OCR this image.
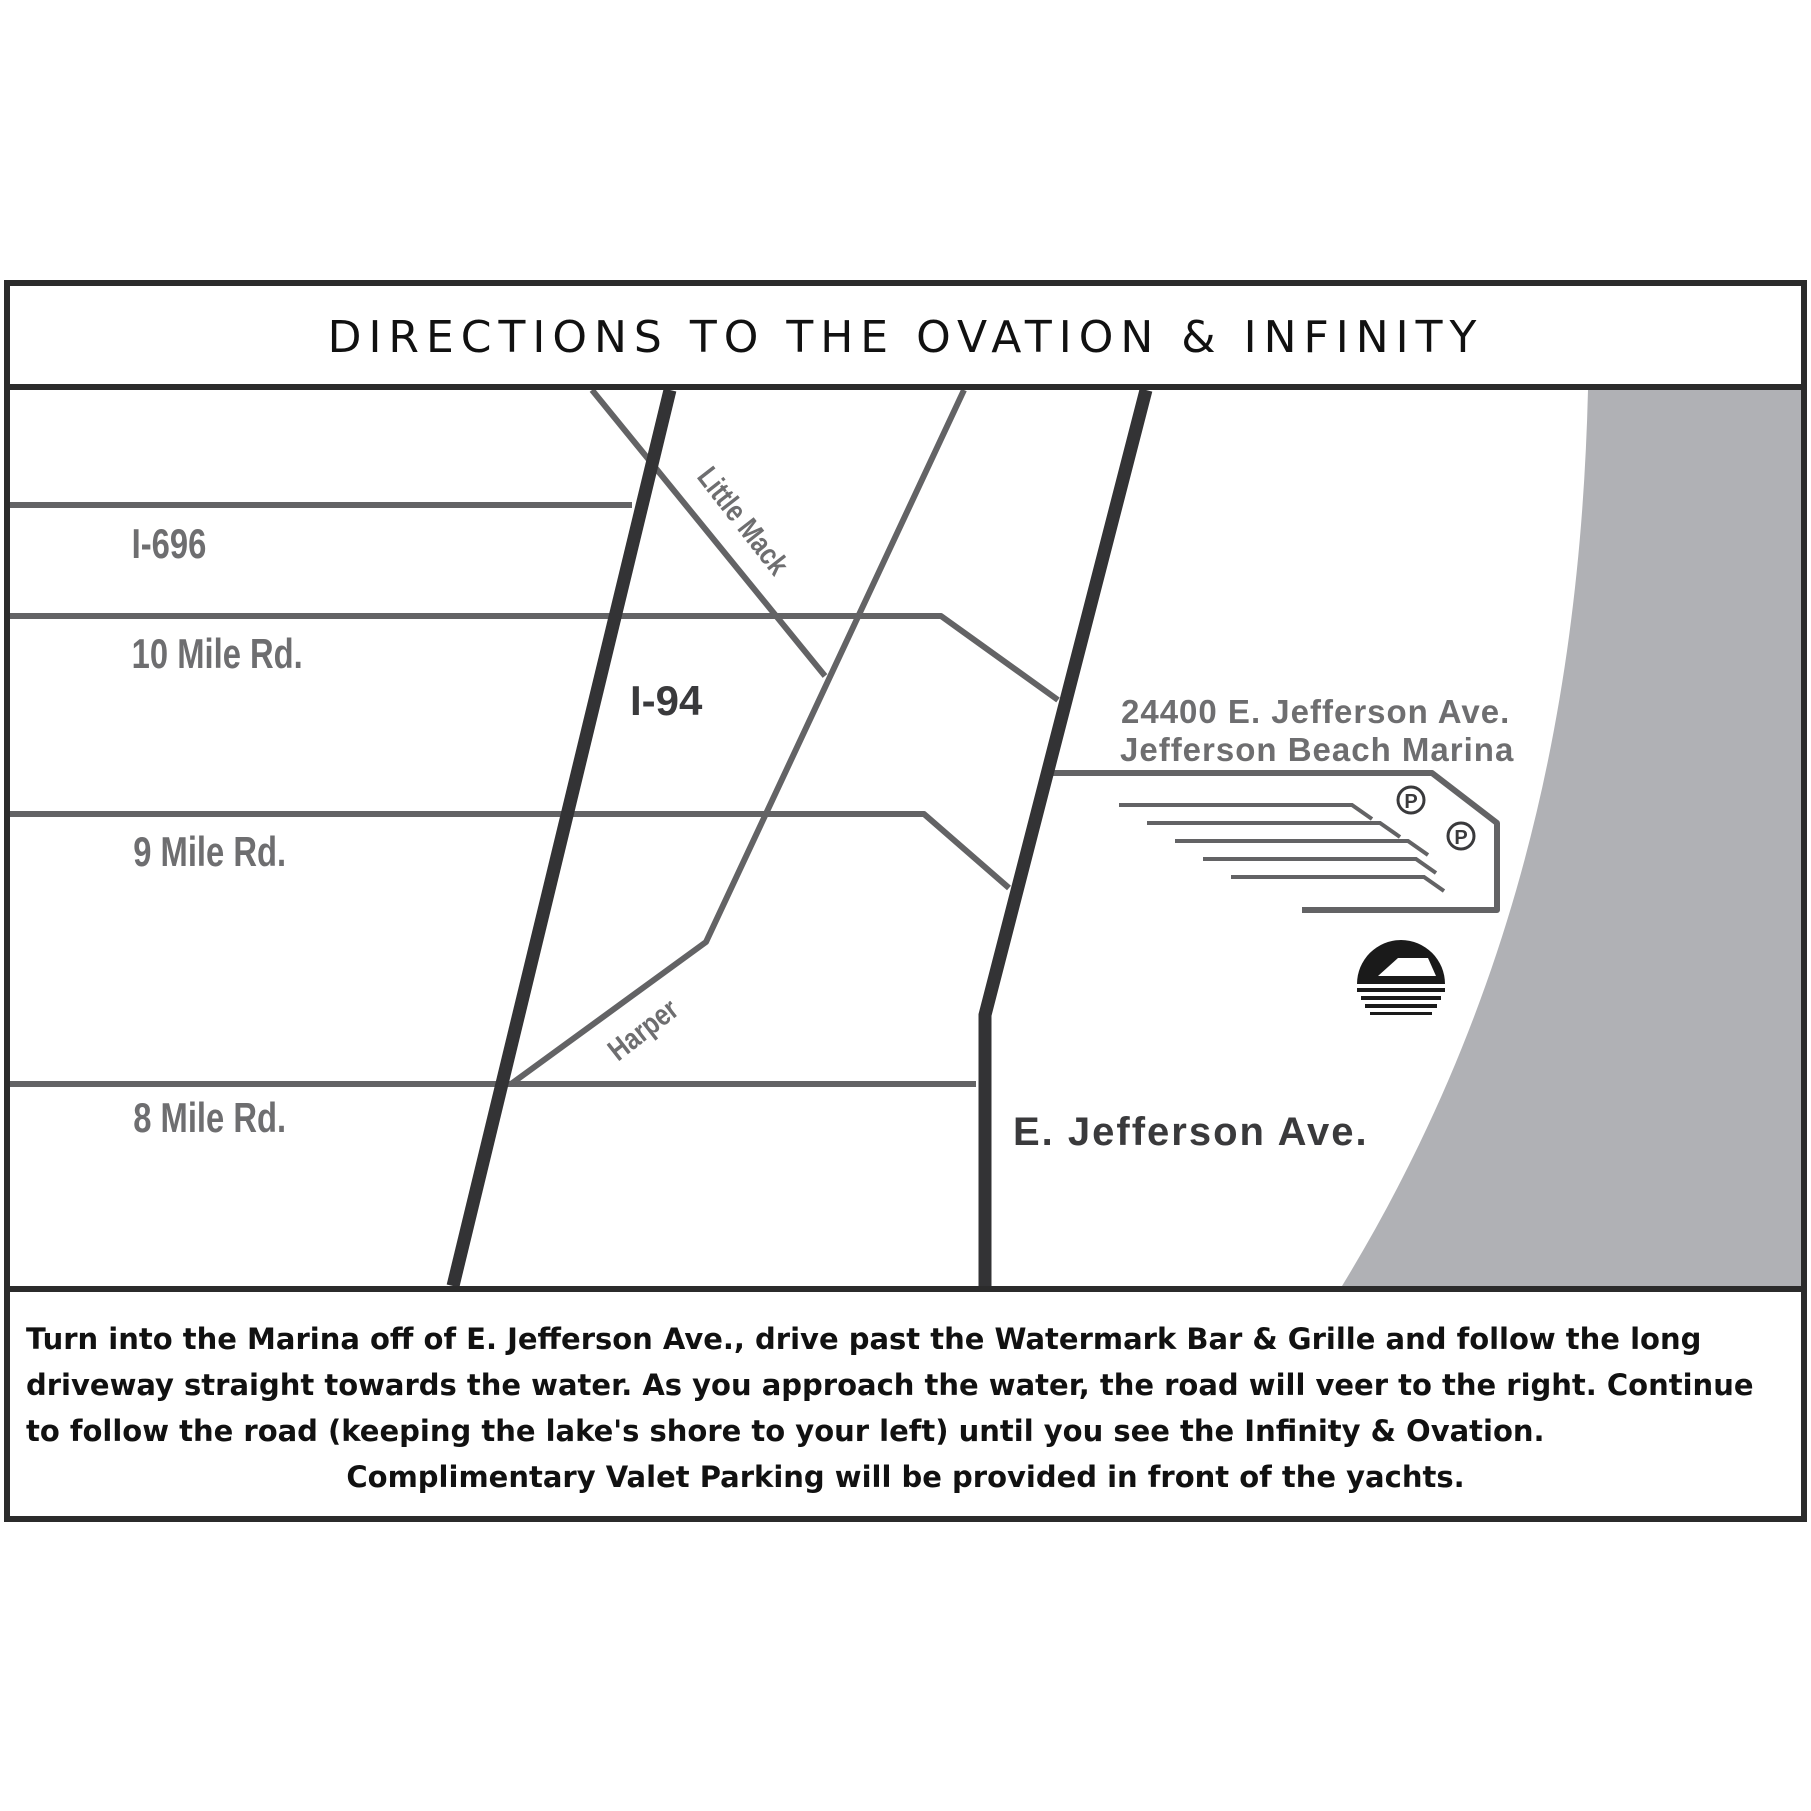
DIRECTIONS TO THE OVATION & INFINITY
P
P
I-696
10 Mile Rd.
9 Mile Rd.
8 Mile Rd.
I-94
Little Mack
Harper
E. Jefferson Ave.
24400 E. Jefferson Ave.
Jefferson Beach Marina

Turn into the Marina off of E. Jefferson Ave., drive past the Watermark Bar & Grille and follow the long driveway straight towards the water. As you approach the water, the road will veer to the right. Continue to follow the road (keeping the lake's shore to your left) until you see the Infinity & Ovation.

Complimentary Valet Parking will be provided in front of the yachts.
